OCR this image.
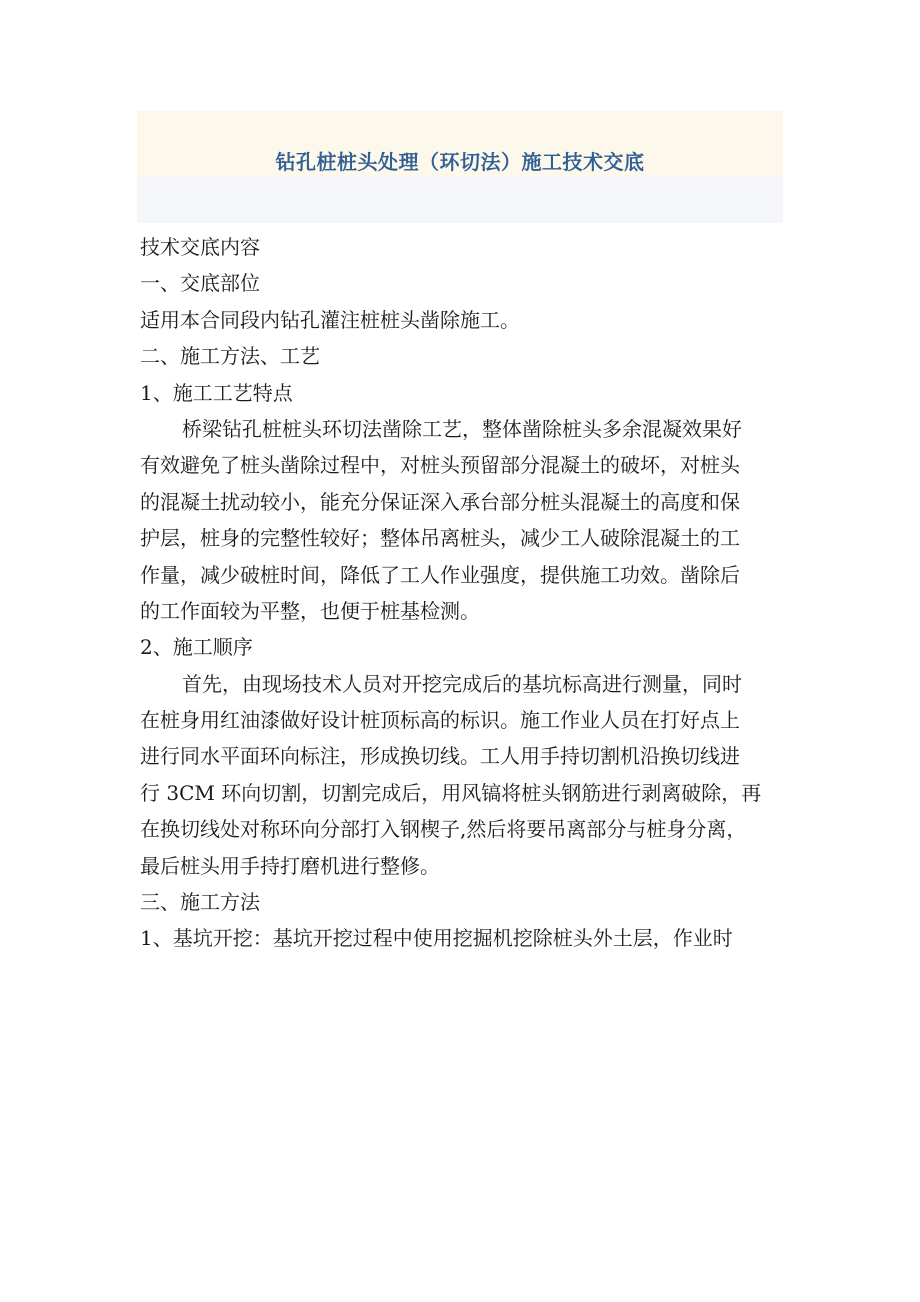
钻孔桩桩头处理（环切法）施工技术交底
技术交底内容
一、交底部位
适用本合同段内钻孔灌注桩桩头凿除施工。
二、施工方法、工艺
1、施工工艺特点
桥梁钻孔桩桩头环切法凿除工艺，整体凿除桩头多余混凝效果好
有效避免了桩头凿除过程中，对桩头预留部分混凝土的破坏，对桩头
的混凝土扰动较小，能充分保证深入承台部分桩头混凝土的高度和保
护层，桩身的完整性较好；整体吊离桩头，减少工人破除混凝土的工
作量，减少破桩时间，降低了工人作业强度，提供施工功效。凿除后
的工作面较为平整，也便于桩基检测。
2、施工顺序
首先，由现场技术人员对开挖完成后的基坑标高进行测量，同时
在桩身用红油漆做好设计桩顶标高的标识。施工作业人员在打好点上
进行同水平面环向标注，形成换切线。工人用手持切割机沿换切线进
行 3CM 环向切割，切割完成后，用风镐将桩头钢筋进行剥离破除，再
在换切线处对称环向分部打入钢楔子,然后将要吊离部分与桩身分离，
最后桩头用手持打磨机进行整修。
三、施工方法
1、基坑开挖：基坑开挖过程中使用挖掘机挖除桩头外土层，作业时
